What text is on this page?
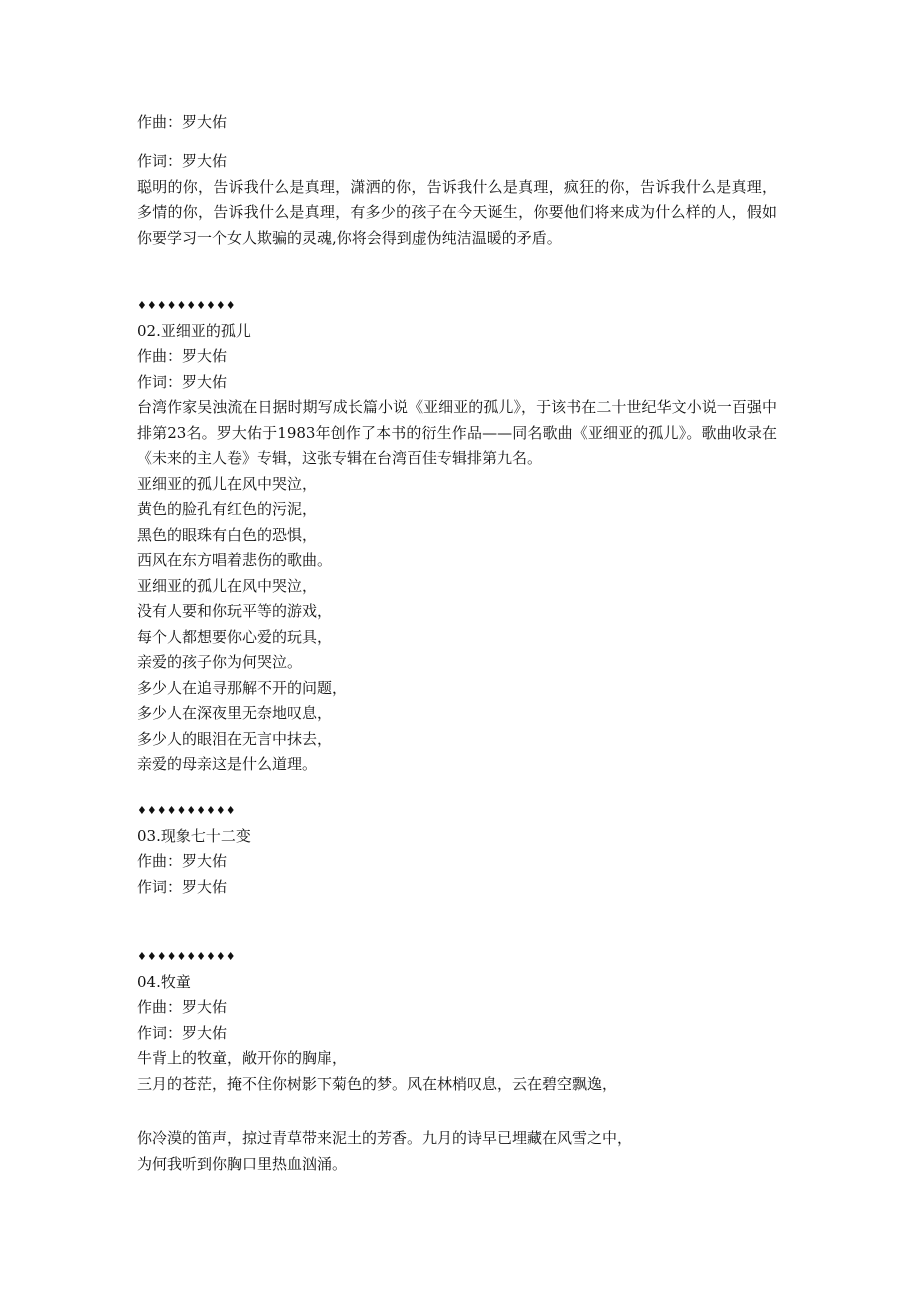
作曲：罗大佑
作词：罗大佑
聪明的你，告诉我什么是真理，潇洒的你，告诉我什么是真理，疯狂的你，告诉我什么是真理，多情的你，告诉我什么是真理，有多少的孩子在今天诞生，你要他们将来成为什么样的人，假如你要学习一个女人欺骗的灵魂,你将会得到虚伪纯洁温暖的矛盾。
♦♦♦♦♦♦♦♦♦♦
02.亚细亚的孤儿
作曲：罗大佑
作词：罗大佑
台湾作家吴浊流在日据时期写成长篇小说《亚细亚的孤儿》，于该书在二十世纪华文小说一百强中排第23名。罗大佑于1983年创作了本书的衍生作品——同名歌曲《亚细亚的孤儿》。歌曲收录在《未来的主人卷》专辑，这张专辑在台湾百佳专辑排第九名。
亚细亚的孤儿在风中哭泣，
黄色的脸孔有红色的污泥，
黑色的眼珠有白色的恐惧，
西风在东方唱着悲伤的歌曲。
亚细亚的孤儿在风中哭泣，
没有人要和你玩平等的游戏，
每个人都想要你心爱的玩具，
亲爱的孩子你为何哭泣。
多少人在追寻那解不开的问题，
多少人在深夜里无奈地叹息，
多少人的眼泪在无言中抹去，
亲爱的母亲这是什么道理。
♦♦♦♦♦♦♦♦♦♦
03.现象七十二变
作曲：罗大佑
作词：罗大佑
♦♦♦♦♦♦♦♦♦♦
04.牧童
作曲：罗大佑
作词：罗大佑
牛背上的牧童，敞开你的胸扉，
三月的苍茫，掩不住你树影下菊色的梦。风在林梢叹息，云在碧空飘逸，
你冷漠的笛声，掠过青草带来泥土的芳香。九月的诗早已埋藏在风雪之中，
为何我听到你胸口里热血汹涌。
